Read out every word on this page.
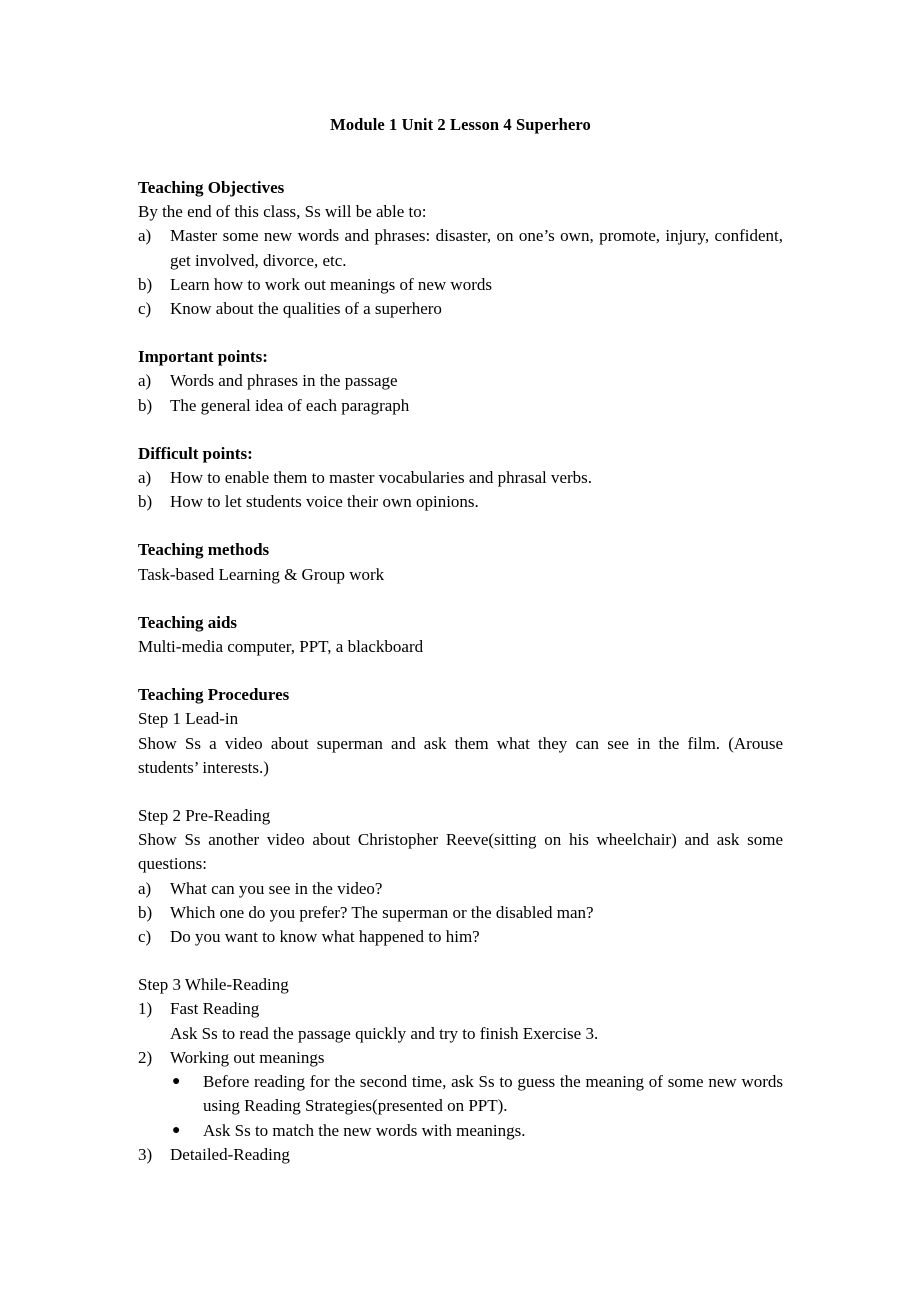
Module 1 Unit 2 Lesson 4 Superhero
Teaching Objectives
By the end of this class, Ss will be able to:
a)	Master some new words and phrases: disaster, on one’s own, promote, injury, confident, get involved, divorce, etc.
b)	Learn how to work out meanings of new words
c)	Know about the qualities of a superhero
Important points:
a)	Words and phrases in the passage
b)	The general idea of each paragraph
Difficult points:
a)	How to enable them to master vocabularies and phrasal verbs.
b)	How to let students voice their own opinions.
Teaching methods
Task-based Learning & Group work
Teaching aids
Multi-media computer, PPT, a blackboard
Teaching Procedures
Step 1 Lead-in
Show Ss a video about superman and ask them what they can see in the film. (Arouse students’ interests.)
Step 2 Pre-Reading
Show Ss another video about Christopher Reeve(sitting on his wheelchair) and ask some questions:
a)	What can you see in the video?
b)	Which one do you prefer? The superman or the disabled man?
c)	Do you want to know what happened to him?
Step 3 While-Reading
1)	Fast Reading
Ask Ss to read the passage quickly and try to finish Exercise 3.
2)	Working out meanings
● Before reading for the second time, ask Ss to guess the meaning of some new words using Reading Strategies(presented on PPT).
● Ask Ss to match the new words with meanings.
3)	Detailed-Reading
